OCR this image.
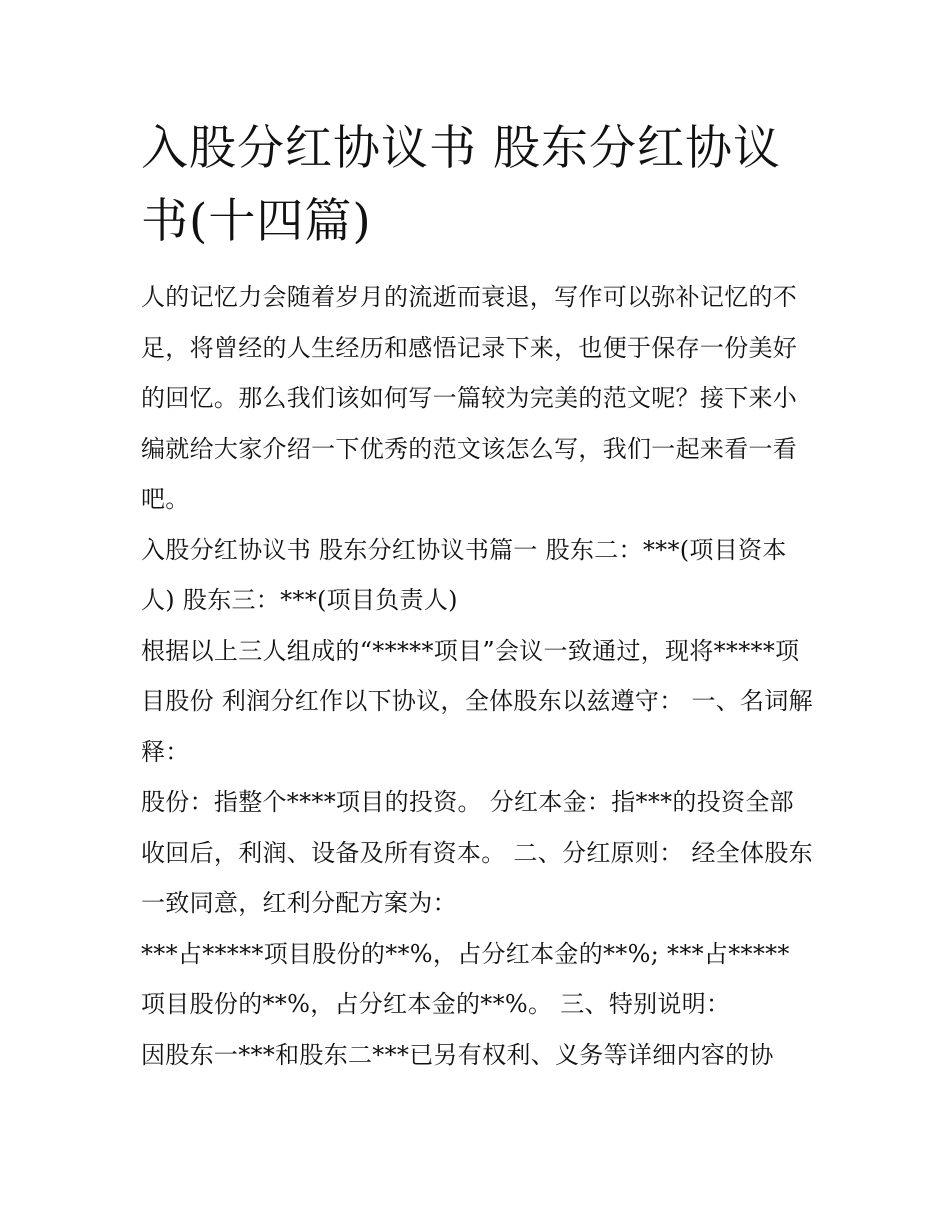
入股分红协议书 股东分红协议书(十四篇)

人的记忆力会随着岁月的流逝而衰退，写作可以弥补记忆的不足，将曾经的人生经历和感悟记录下来，也便于保存一份美好的回忆。那么我们该如何写一篇较为完美的范文呢？接下来小编就给大家介绍一下优秀的范文该怎么写，我们一起来看一看吧。

入股分红协议书 股东分红协议书篇一 股东二：***(项目资本人) 股东三：***(项目负责人)

根据以上三人组成的“*****项目”会议一致通过，现将*****项目股份 利润分红作以下协议，全体股东以兹遵守： 一、名词解释：

股份：指整个****项目的投资。 分红本金：指***的投资全部收回后，利润、设备及所有资本。 二、分红原则： 经全体股东一致同意，红利分配方案为：

***占*****项目股份的**%，占分红本金的**%; ***占*****项目股份的**%，占分红本金的**%。 三、特别说明：

因股东一***和股东二***已另有权利、义务等详细内容的协
